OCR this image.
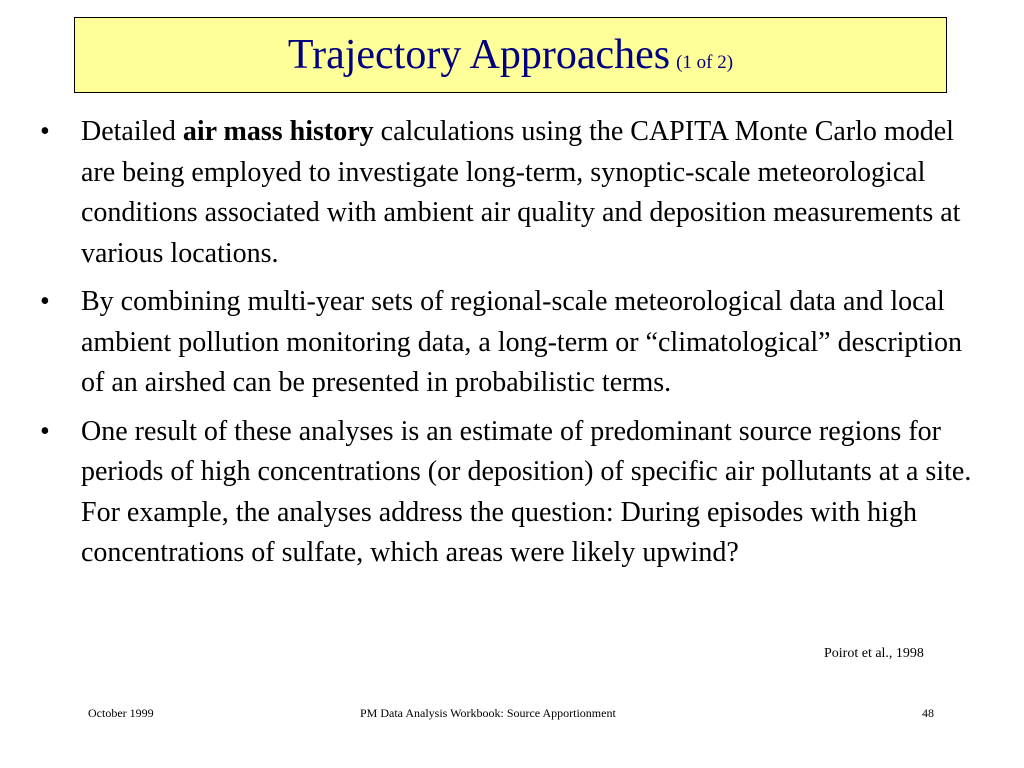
Trajectory Approaches (1 of 2)
• Detailed air mass history calculations using the CAPITA Monte Carlo model are being employed to investigate long-term, synoptic-scale meteorological conditions associated with ambient air quality and deposition measurements at various locations.
• By combining multi-year sets of regional-scale meteorological data and local ambient pollution monitoring data, a long-term or “climatological” description of an airshed can be presented in probabilistic terms.
• One result of these analyses is an estimate of predominant source regions for periods of high concentrations (or deposition) of specific air pollutants at a site. For example, the analyses address the question: During episodes with high concentrations of sulfate, which areas were likely upwind?
Poirot et al., 1998
October 1999	PM Data Analysis Workbook: Source Apportionment	48
